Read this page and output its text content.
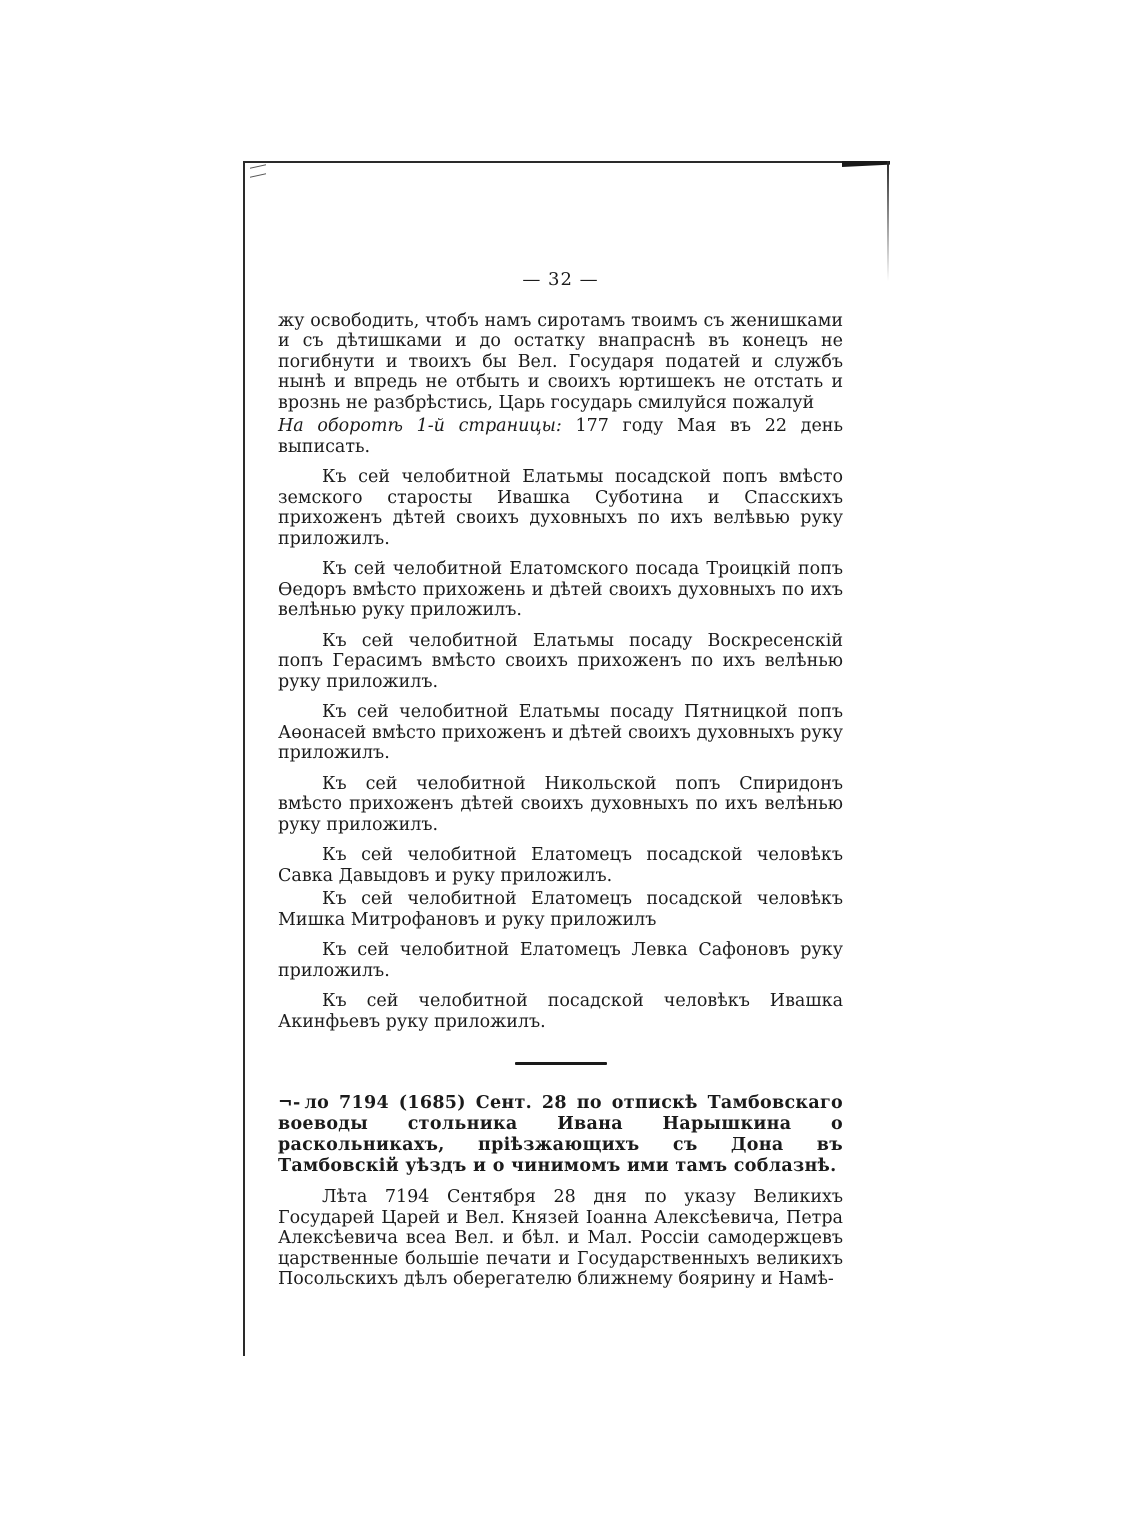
— 32 —

жу освободить, чтобъ намъ сиротамъ твоимъ съ женишками и съ дѣтишками и до остатку внапраснѣ въ конецъ не погибнути и твоихъ бы Вел. Государя податей и службъ нынѣ и впредь не отбыть и своихъ юртишекъ не отстать и врознь не разбрѣстись, Царь государь смилуйся пожалуй

На оборотѣ 1-й страницы: 177 году Мая въ 22 день выписать.

Къ сей челобитной Елатьмы посадской попъ вмѣсто земского старосты Ивашка Суботина и Спасскихъ прихоженъ дѣтей своихъ духовныхъ по ихъ велѣвью руку приложилъ.

Къ сей челобитной Елатомского посада Троицкій попъ Өедоръ вмѣсто прихожень и дѣтей своихъ духовныхъ по ихъ велѣнью руку приложилъ.

Къ сей челобитной Елатьмы посаду Воскресенскій попъ Герасимъ вмѣсто своихъ прихоженъ по ихъ велѣнью руку приложилъ.

Къ сей челобитной Елатьмы посаду Пятницкой попъ Аөонасей вмѣсто прихоженъ и дѣтей своихъ духовныхъ руку приложилъ.

Къ сей челобитной Никольской попъ Спиридонъ вмѣсто прихоженъ дѣтей своихъ духовныхъ по ихъ велѣнью руку приложилъ.

Къ сей челобитной Елатомецъ посадской человѣкъ Савка Давыдовъ и руку приложилъ.

Къ сей челобитной Елатомецъ посадской человѣкъ Мишка Митрофановъ и руку приложилъ

Къ сей челобитной Елатомецъ Левка Сафоновъ руку приложилъ.

Къ сей челобитной посадской человѣкъ Ивашка Акинфьевъ руку приложилъ.

¬- ло 7194 (1685) Сент. 28 по отпискѣ Тамбовскаго воеводы стольника Ивана Нарышкина о раскольникахъ, пріѣзжающихъ съ Дона въ Тамбовскій уѣздъ и о чинимомъ ими тамъ соблазнѣ.

Лѣта 7194 Сентября 28 дня по указу Великихъ Государей Царей и Вел. Князей Іоанна Алексѣевича, Петра Алексѣевича всеа Вел. и бѣл. и Мал. Россіи самодержцевъ царственные большіе печати и Государственныхъ великихъ Посольскихъ дѣлъ оберегателю ближнему боярину и Намѣ-
